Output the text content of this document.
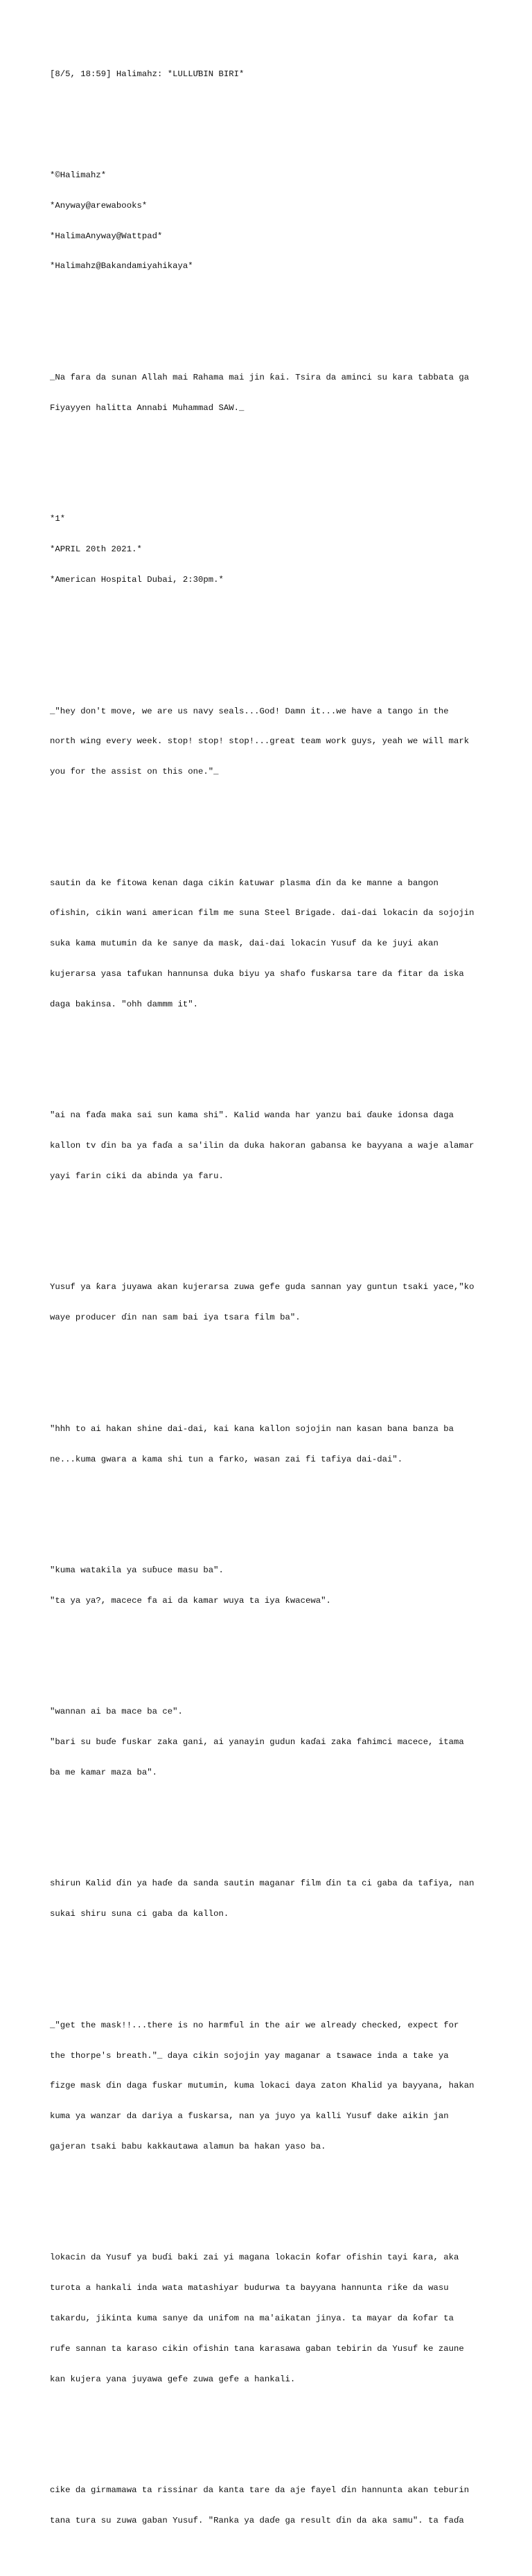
[8/5, 18:59] Halimahz: *LULLƯBIN BIRI*

*©Halimahz*

*Anyway@arewabooks*

*HalimaAnyway@Wattpad*

*Halimahz@Bakandamiyahikaya*

_Na fara da sunan Allah mai Rahama mai jin ƙai. Tsira da aminci su kara tabbata ga

Fiyayyen halitta Annabi Muhammad SAW._

*1*

*APRIL 20th 2021.*

*American Hospital Dubai, 2:30pm.*

_"hey don't move, we are us navy seals...God! Damn it...we have a tango in the

north wing every week. stop! stop! stop!...great team work guys, yeah we will mark

you for the assist on this one."_

sautin da ke fitowa kenan daga cikin ƙatuwar plasma ɗin da ke manne a bangon

ofishin, cikin wani american film me suna Steel Brigade. dai-dai lokacin da sojojin

suka kama mutumin da ke sanye da mask, dai-dai lokacin Yusuf da ke juyi akan

kujerarsa yasa tafukan hannunsa duka biyu ya shafo fuskarsa tare da fitar da iska

daga bakinsa. "ohh dammm it".

"ai na faɗa maka sai sun kama shi". Kalid wanda har yanzu bai ɗauke idonsa daga

kallon tv ɗin ba ya faɗa a sa'ilin da duka hakoran gabansa ke bayyana a waje alamar

yayi farin ciki da abinda ya faru.

Yusuf ya ƙara juyawa akan kujerarsa zuwa gefe guda sannan yay guntun tsaki yace,"ko

waye producer ɗin nan sam bai iya tsara film ba".

"hhh to ai hakan shine dai-dai, kai kana kallon sojojin nan kasan bana banza ba

ne...kuma gwara a kama shi tun a farko, wasan zai fi tafiya dai-dai".

"kuma watakila ya suɓuce masu ba".

"ta ya ya?, macece fa ai da kamar wuya ta iya ƙwacewa".

"wannan ai ba mace ba ce".

"bari su buɗe fuskar zaka gani, ai yanayin gudun kaɗai zaka fahimci macece, itama

ba me kamar maza ba".

shirun Kalid ɗin ya haɗe da sanda sautin maganar film ɗin ta ci gaba da tafiya, nan

sukai shiru suna ci gaba da kallon.

_"get the mask!!...there is no harmful in the air we already checked, expect for

the thorpe's breath."_ daya cikin sojojin yay maganar a tsawace inda a take ya

fizge mask ɗin daga fuskar mutumin, kuma lokaci daya zaton Khalid ya bayyana, hakan

kuma ya wanzar da dariya a fuskarsa, nan ya juyo ya kalli Yusuf dake aikin jan

gajeran tsaki babu kakkautawa alamun ba hakan yaso ba.

lokacin da Yusuf ya buɗi baki zai yi magana lokacin ƙofar ofishin tayi ƙara, aka

turota a hankali inda wata matashiyar budurwa ta bayyana hannunta riƙe da wasu

takardu, jikinta kuma sanye da unifom na ma'aikatan jinya. ta mayar da ƙofar ta

rufe sannan ta karaso cikin ofishin tana karasawa gaban tebirin da Yusuf ke zaune

kan kujera yana juyawa gefe zuwa gefe a hankali.

cike da girmamawa ta rissinar da kanta tare da aje fayel ɗin hannunta akan teburin

tana tura su zuwa gaban Yusuf. "Ranka ya daɗe ga result ɗin da aka samu". ta faɗa
